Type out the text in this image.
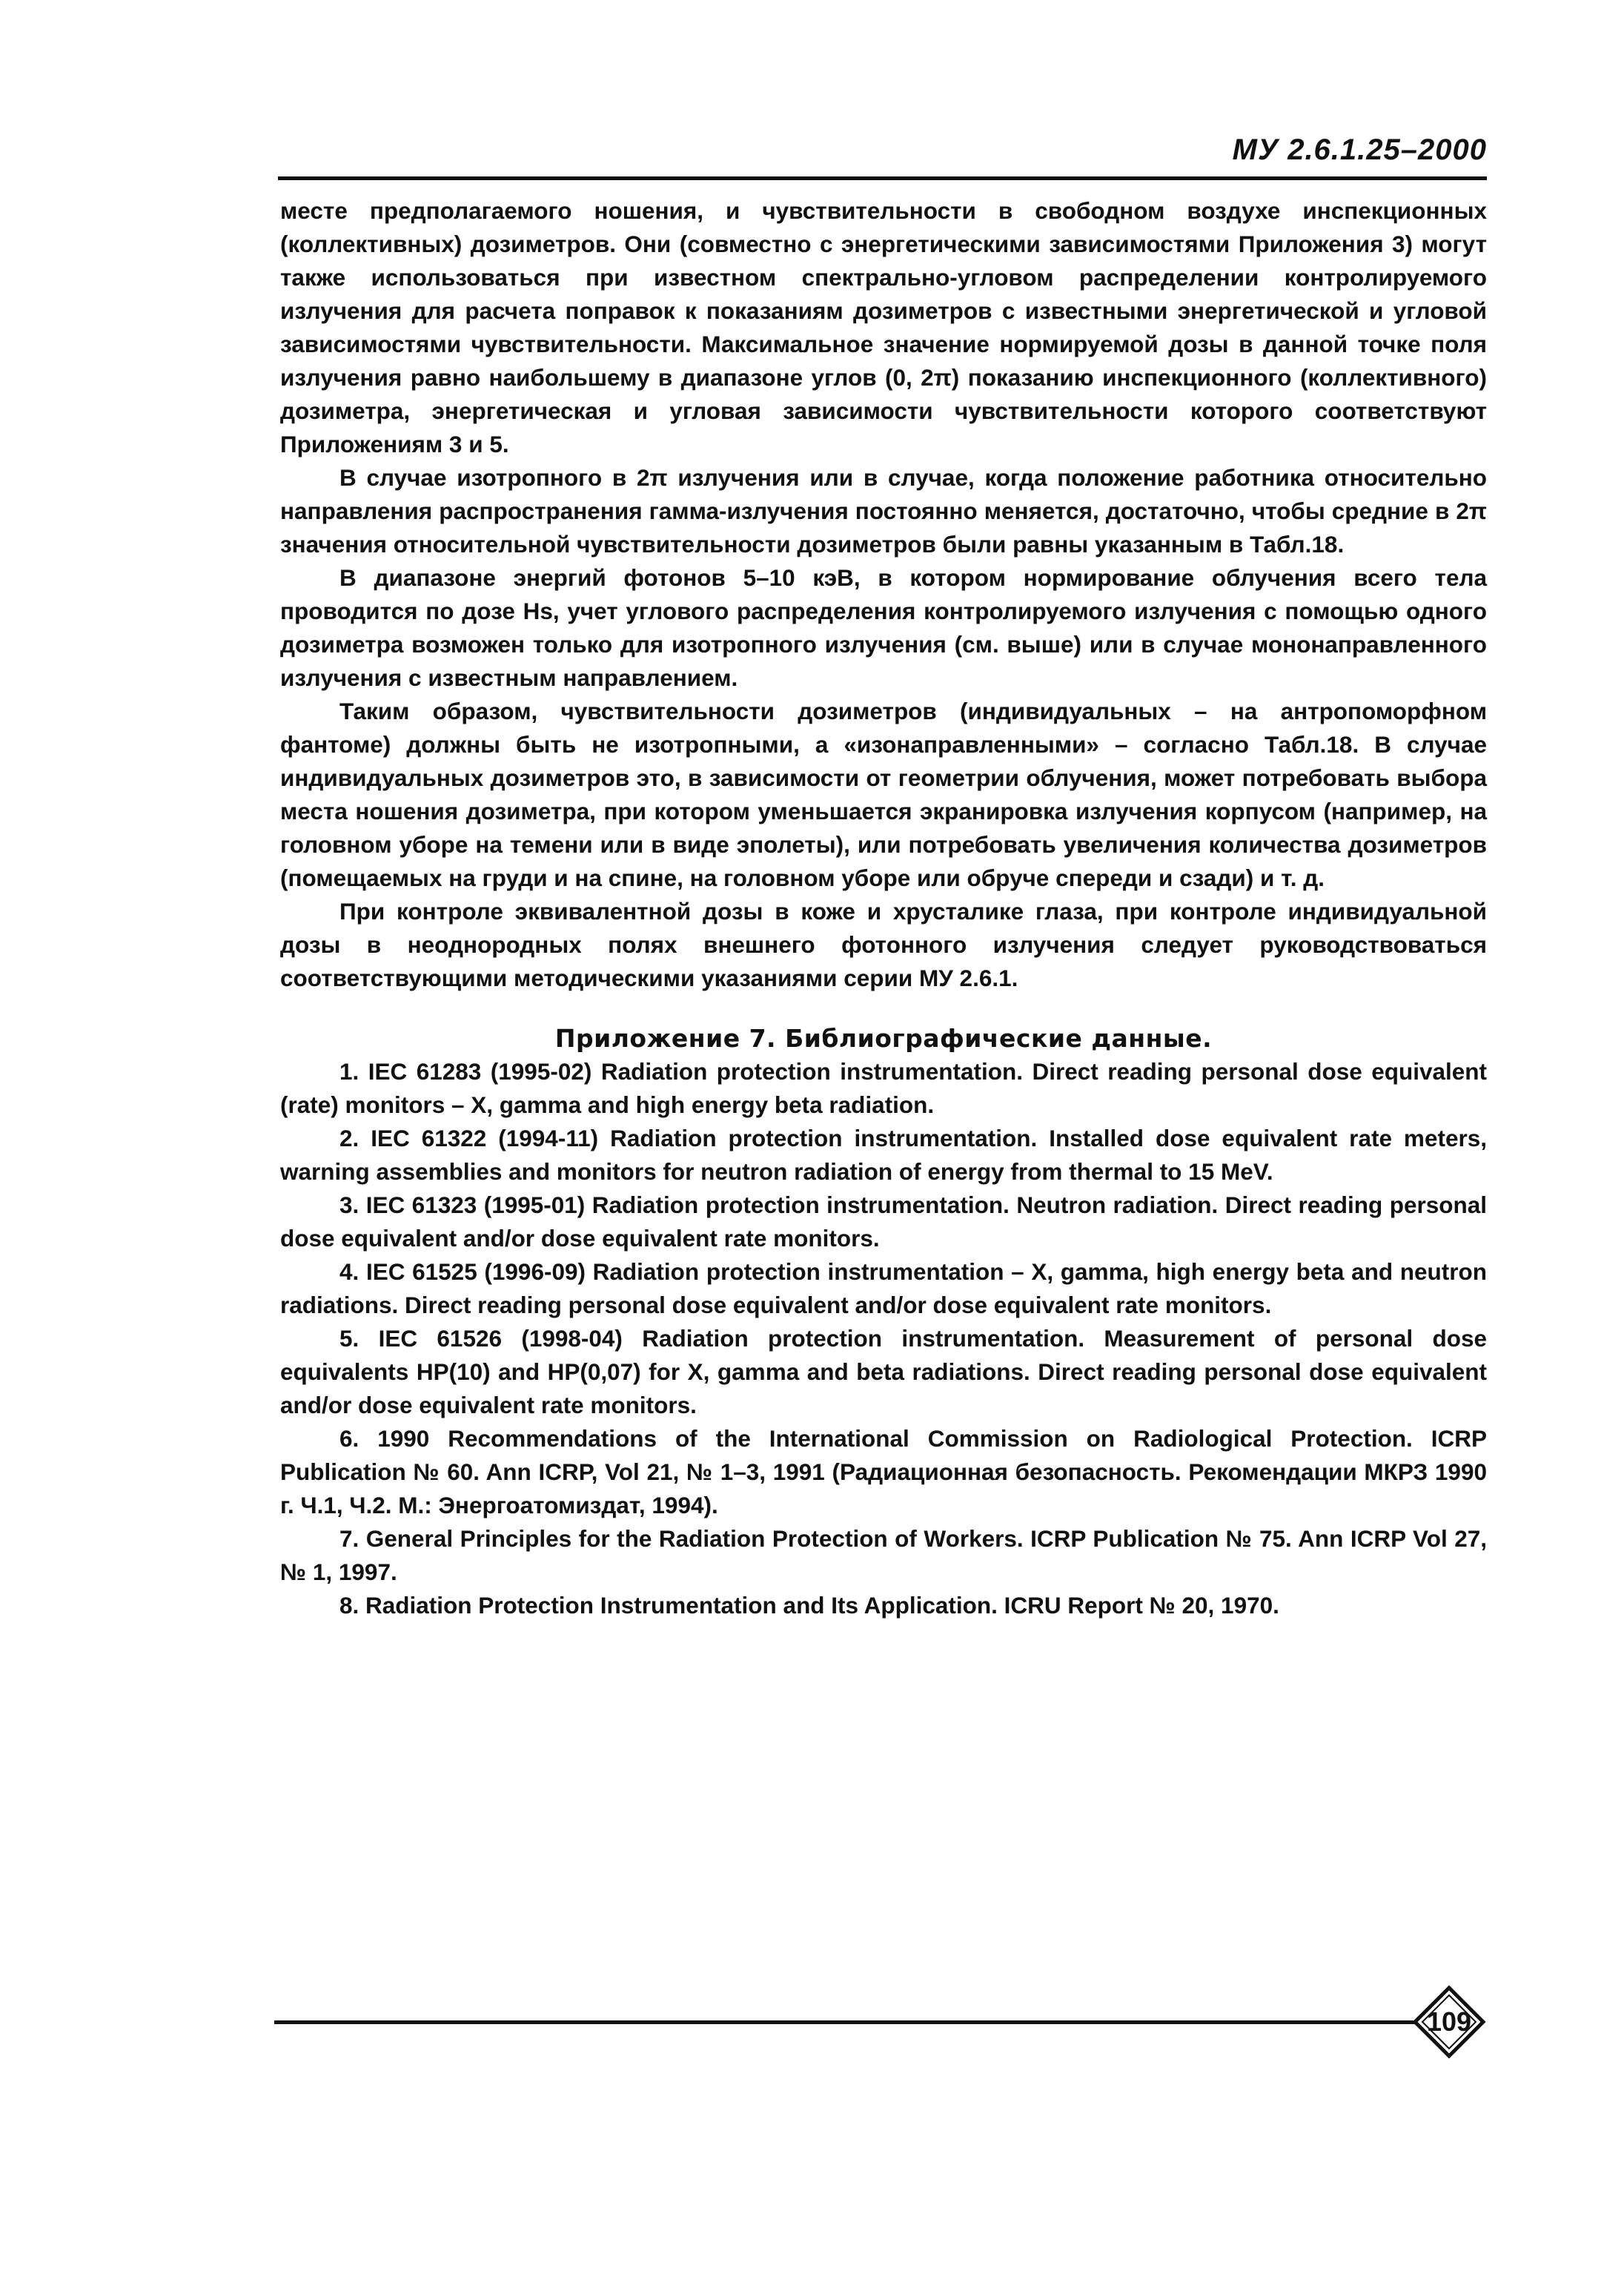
МУ 2.6.1.25–2000

месте предполагаемого ношения, и чувствительности в свободном воздухе инспекционных (коллективных) дозиметров. Они (совместно с энергетическими зависимостями Приложения 3) могут также использоваться при известном спектрально-угловом распределении контролируемого излучения для расчета поправок к показаниям дозиметров с известными энергетической и угловой зависимостями чувствительности. Максимальное значение нормируемой дозы в данной точке поля излучения равно наибольшему в диапазоне углов (0, 2π) показанию инспекционного (коллективного) дозиметра, энергетическая и угловая зависимости чувствительности которого соответствуют Приложениям 3 и 5.

В случае изотропного в 2π излучения или в случае, когда положение работника относительно направления распространения гамма-излучения постоянно меняется, достаточно, чтобы средние в 2π значения относительной чувствительности дозиметров были равны указанным в Табл.18.

В диапазоне энергий фотонов 5–10 кэВ, в котором нормирование облучения всего тела проводится по дозе Hs, учет углового распределения контролируемого излучения с помощью одного дозиметра возможен только для изотропного излучения (см. выше) или в случае мононаправленного излучения с известным направлением.

Таким образом, чувствительности дозиметров (индивидуальных – на антропоморфном фантоме) должны быть не изотропными, а «изонаправленными» – согласно Табл.18. В случае индивидуальных дозиметров это, в зависимости от геометрии облучения, может потребовать выбора места ношения дозиметра, при котором уменьшается экранировка излучения корпусом (например, на головном уборе на темени или в виде эполеты), или потребовать увеличения количества дозиметров (помещаемых на груди и на спине, на головном уборе или обруче спереди и сзади) и т. д.

При контроле эквивалентной дозы в коже и хрусталике глаза, при контроле индивидуальной дозы в неоднородных полях внешнего фотонного излучения следует руководствоваться соответствующими методическими указаниями серии МУ 2.6.1.

Приложение 7. Библиографические данные.

1. IEC 61283 (1995-02) Radiation protection instrumentation. Direct reading personal dose equivalent (rate) monitors – X, gamma and high energy beta radiation.

2. IEC 61322 (1994-11) Radiation protection instrumentation. Installed dose equivalent rate meters, warning assemblies and monitors for neutron radiation of energy from thermal to 15 MeV.

3. IEC 61323 (1995-01) Radiation protection instrumentation. Neutron radiation. Direct reading personal dose equivalent and/or dose equivalent rate monitors.

4. IEC 61525 (1996-09) Radiation protection instrumentation – X, gamma, high energy beta and neutron radiations. Direct reading personal dose equivalent and/or dose equivalent rate monitors.

5. IEC 61526 (1998-04) Radiation protection instrumentation. Measurement of personal dose equivalents HP(10) and HP(0,07) for X, gamma and beta radiations. Direct reading personal dose equivalent and/or dose equivalent rate monitors.

6. 1990 Recommendations of the International Commission on Radiological Protection. ICRP Publication № 60. Ann ICRP, Vol 21, № 1–3, 1991 (Радиационная безопасность. Рекомендации МКРЗ 1990 г. Ч.1, Ч.2. М.: Энергоатомиздат, 1994).

7. General Principles for the Radiation Protection of Workers. ICRP Publication № 75. Ann ICRP Vol 27, № 1, 1997.

8. Radiation Protection Instrumentation and Its Application. ICRU Report № 20, 1970.

109
